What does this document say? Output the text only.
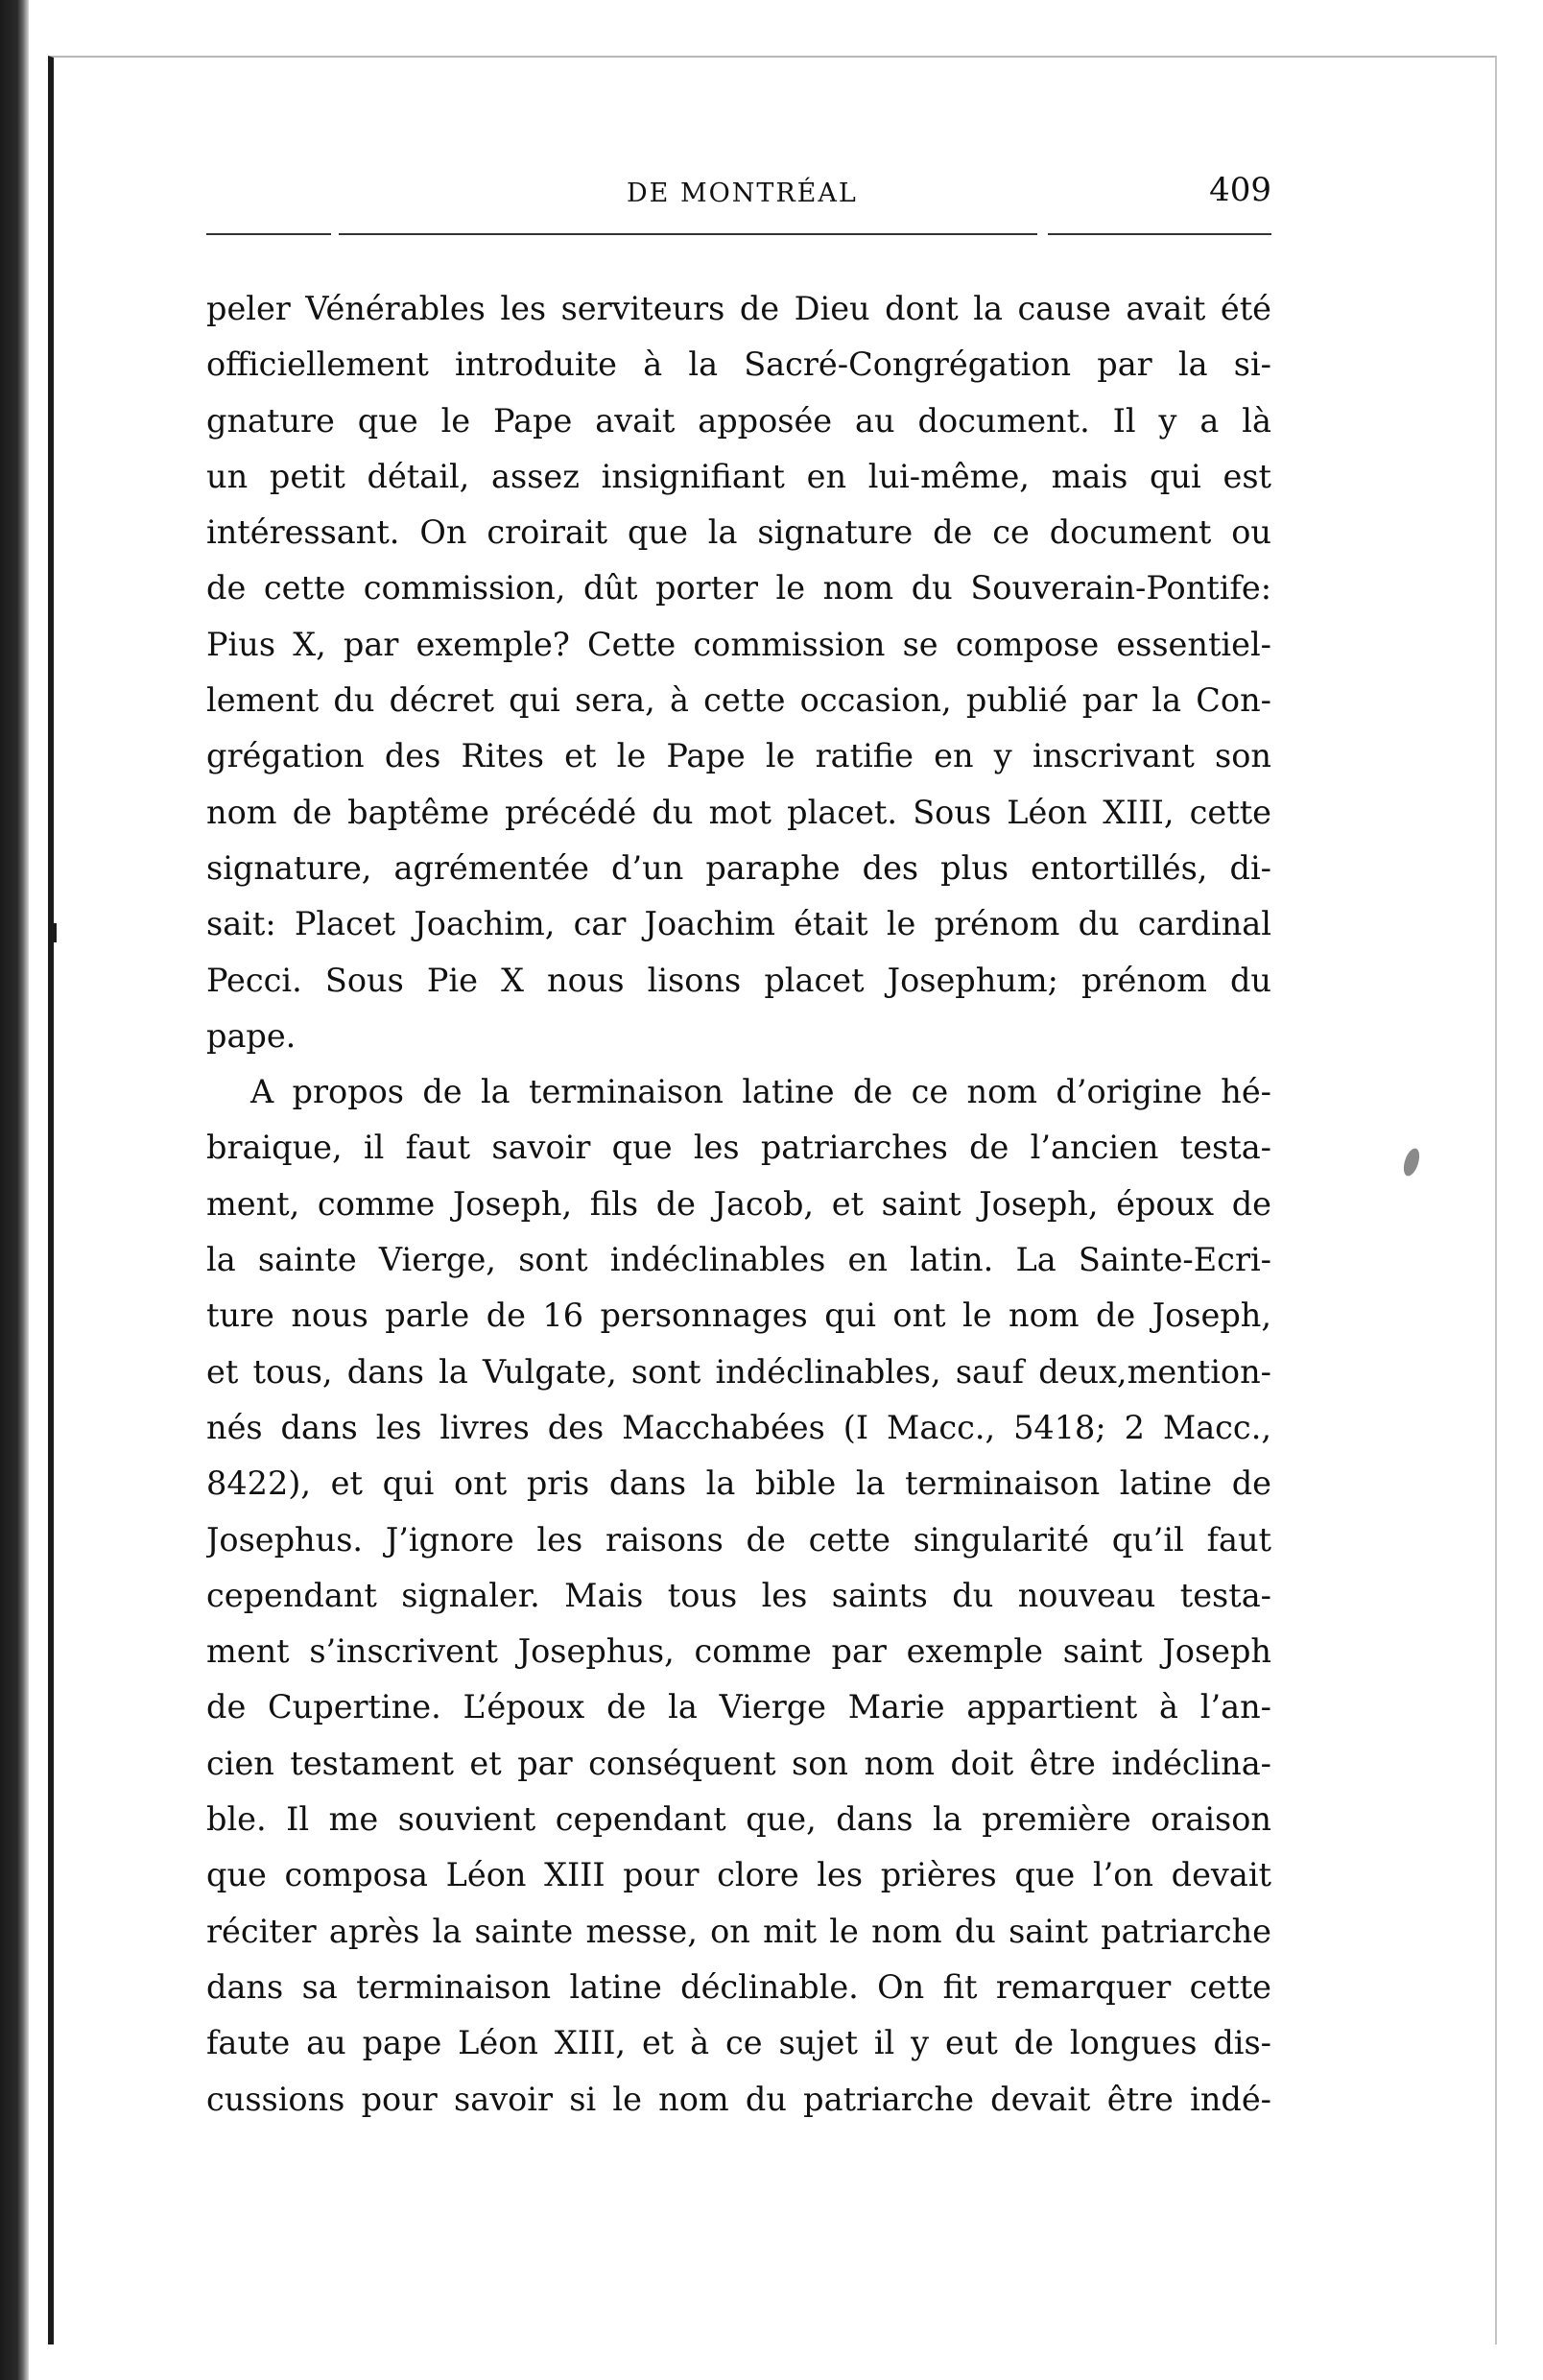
DE MONTRÉAL	409
peler Vénérables les serviteurs de Dieu dont la cause avait été
officiellement introduite à la Sacré-Congrégation par la si-
gnature que le Pape avait apposée au document. Il y a là
un petit détail, assez insignifiant en lui-même, mais qui est
intéressant. On croirait que la signature de ce document ou
de cette commission, dût porter le nom du Souverain-Pontife:
Pius X, par exemple? Cette commission se compose essentiel-
lement du décret qui sera, à cette occasion, publié par la Con-
grégation des Rites et le Pape le ratifie en y inscrivant son
nom de baptême précédé du mot placet. Sous Léon XIII, cette
signature, agrémentée d’un paraphe des plus entortillés, di-
sait: Placet Joachim, car Joachim était le prénom du cardinal
Pecci. Sous Pie X nous lisons placet Josephum; prénom du
pape.
A propos de la terminaison latine de ce nom d’origine hé-
braique, il faut savoir que les patriarches de l’ancien testa-
ment, comme Joseph, fils de Jacob, et saint Joseph, époux de
la sainte Vierge, sont indéclinables en latin. La Sainte-Ecri-
ture nous parle de 16 personnages qui ont le nom de Joseph,
et tous, dans la Vulgate, sont indéclinables, sauf deux,mention-
nés dans les livres des Macchabées (I Macc., 5418; 2 Macc.,
8422), et qui ont pris dans la bible la terminaison latine de
Josephus. J’ignore les raisons de cette singularité qu’il faut
cependant signaler. Mais tous les saints du nouveau testa-
ment s’inscrivent Josephus, comme par exemple saint Joseph
de Cupertine. L’époux de la Vierge Marie appartient à l’an-
cien testament et par conséquent son nom doit être indéclina-
ble. Il me souvient cependant que, dans la première oraison
que composa Léon XIII pour clore les prières que l’on devait
réciter après la sainte messe, on mit le nom du saint patriarche
dans sa terminaison latine déclinable. On fit remarquer cette
faute au pape Léon XIII, et à ce sujet il y eut de longues dis-
cussions pour savoir si le nom du patriarche devait être indé-
